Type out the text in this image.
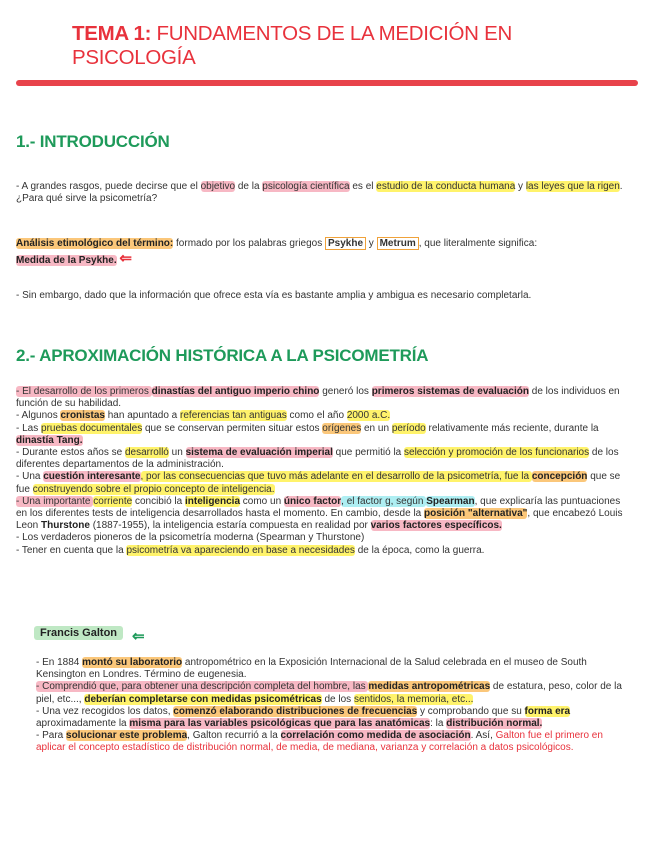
TEMA 1: FUNDAMENTOS DE LA MEDICIÓN EN PSICOLOGÍA
1.- INTRODUCCIÓN
- A grandes rasgos, puede decirse que el objetivo de la psicología científica es el estudio de la conducta humana y las leyes que la rigen. ¿Para qué sirve la psicometría?
Análisis etimológico del término: formado por los palabras griegos Psykhe y Metrum , que literalmente significa:
Medida de la Psykhe. ⇐
- Sin embargo, dado que la información que ofrece esta vía es bastante amplia y ambigua es necesario completarla.
2.- APROXIMACIÓN HISTÓRICA A LA PSICOMETRÍA
- El desarrollo de los primeros dinastías del antiguo imperio chino generó los primeros sistemas de evaluación de los individuos en función de su habilidad.
- Algunos cronistas han apuntado a referencias tan antiguas como el año 2000 a.C.
- Las pruebas documentales que se conservan permiten situar estos orígenes en un período relativamente más reciente, durante la dinastía Tang.
- Durante estos años se desarrolló un sistema de evaluación imperial que permitió la selección y promoción de los funcionarios de los diferentes departamentos de la administración.
- Una cuestión interesante, por las consecuencias que tuvo más adelante en el desarrollo de la psicometría, fue la concepción que se fue construyendo sobre el propio concepto de inteligencia.
- Una importante corriente concibió la inteligencia como un único factor, el factor g, según Spearman, que explicaría las puntuaciones en los diferentes tests de inteligencia desarrollados hasta el momento. En cambio, desde la posición "alternativa", que encabezó Louis Leon Thurstone (1887-1955), la inteligencia estaría compuesta en realidad por varios factores específicos.
- Los verdaderos pioneros de la psicometría moderna (Spearman y Thurstone)
- Tener en cuenta que la psicometría va apareciendo en base a necesidades de la época, como la guerra.
Francis Galton ⇐
- En 1884 montó su laboratorio antropométrico en la Exposición Internacional de la Salud celebrada en el museo de South Kensington en Londres. Término de eugenesia.
- Comprendió que, para obtener una descripción completa del hombre, las medidas antropométricas de estatura, peso, color de la piel, etc..., deberían completarse con medidas psicométricas de los sentidos, la memoria, etc...
- Una vez recogidos los datos, comenzó elaborando distribuciones de frecuencias y comprobando que su forma era aproximadamente la misma para las variables psicológicas que para las anatómicas: la distribución normal.
- Para solucionar este problema, Galton recurrió a la correlación como medida de asociación. Así, Galton fue el primero en aplicar el concepto estadístico de distribución normal, de media, de mediana, varianza y correlación a datos psicológicos.
